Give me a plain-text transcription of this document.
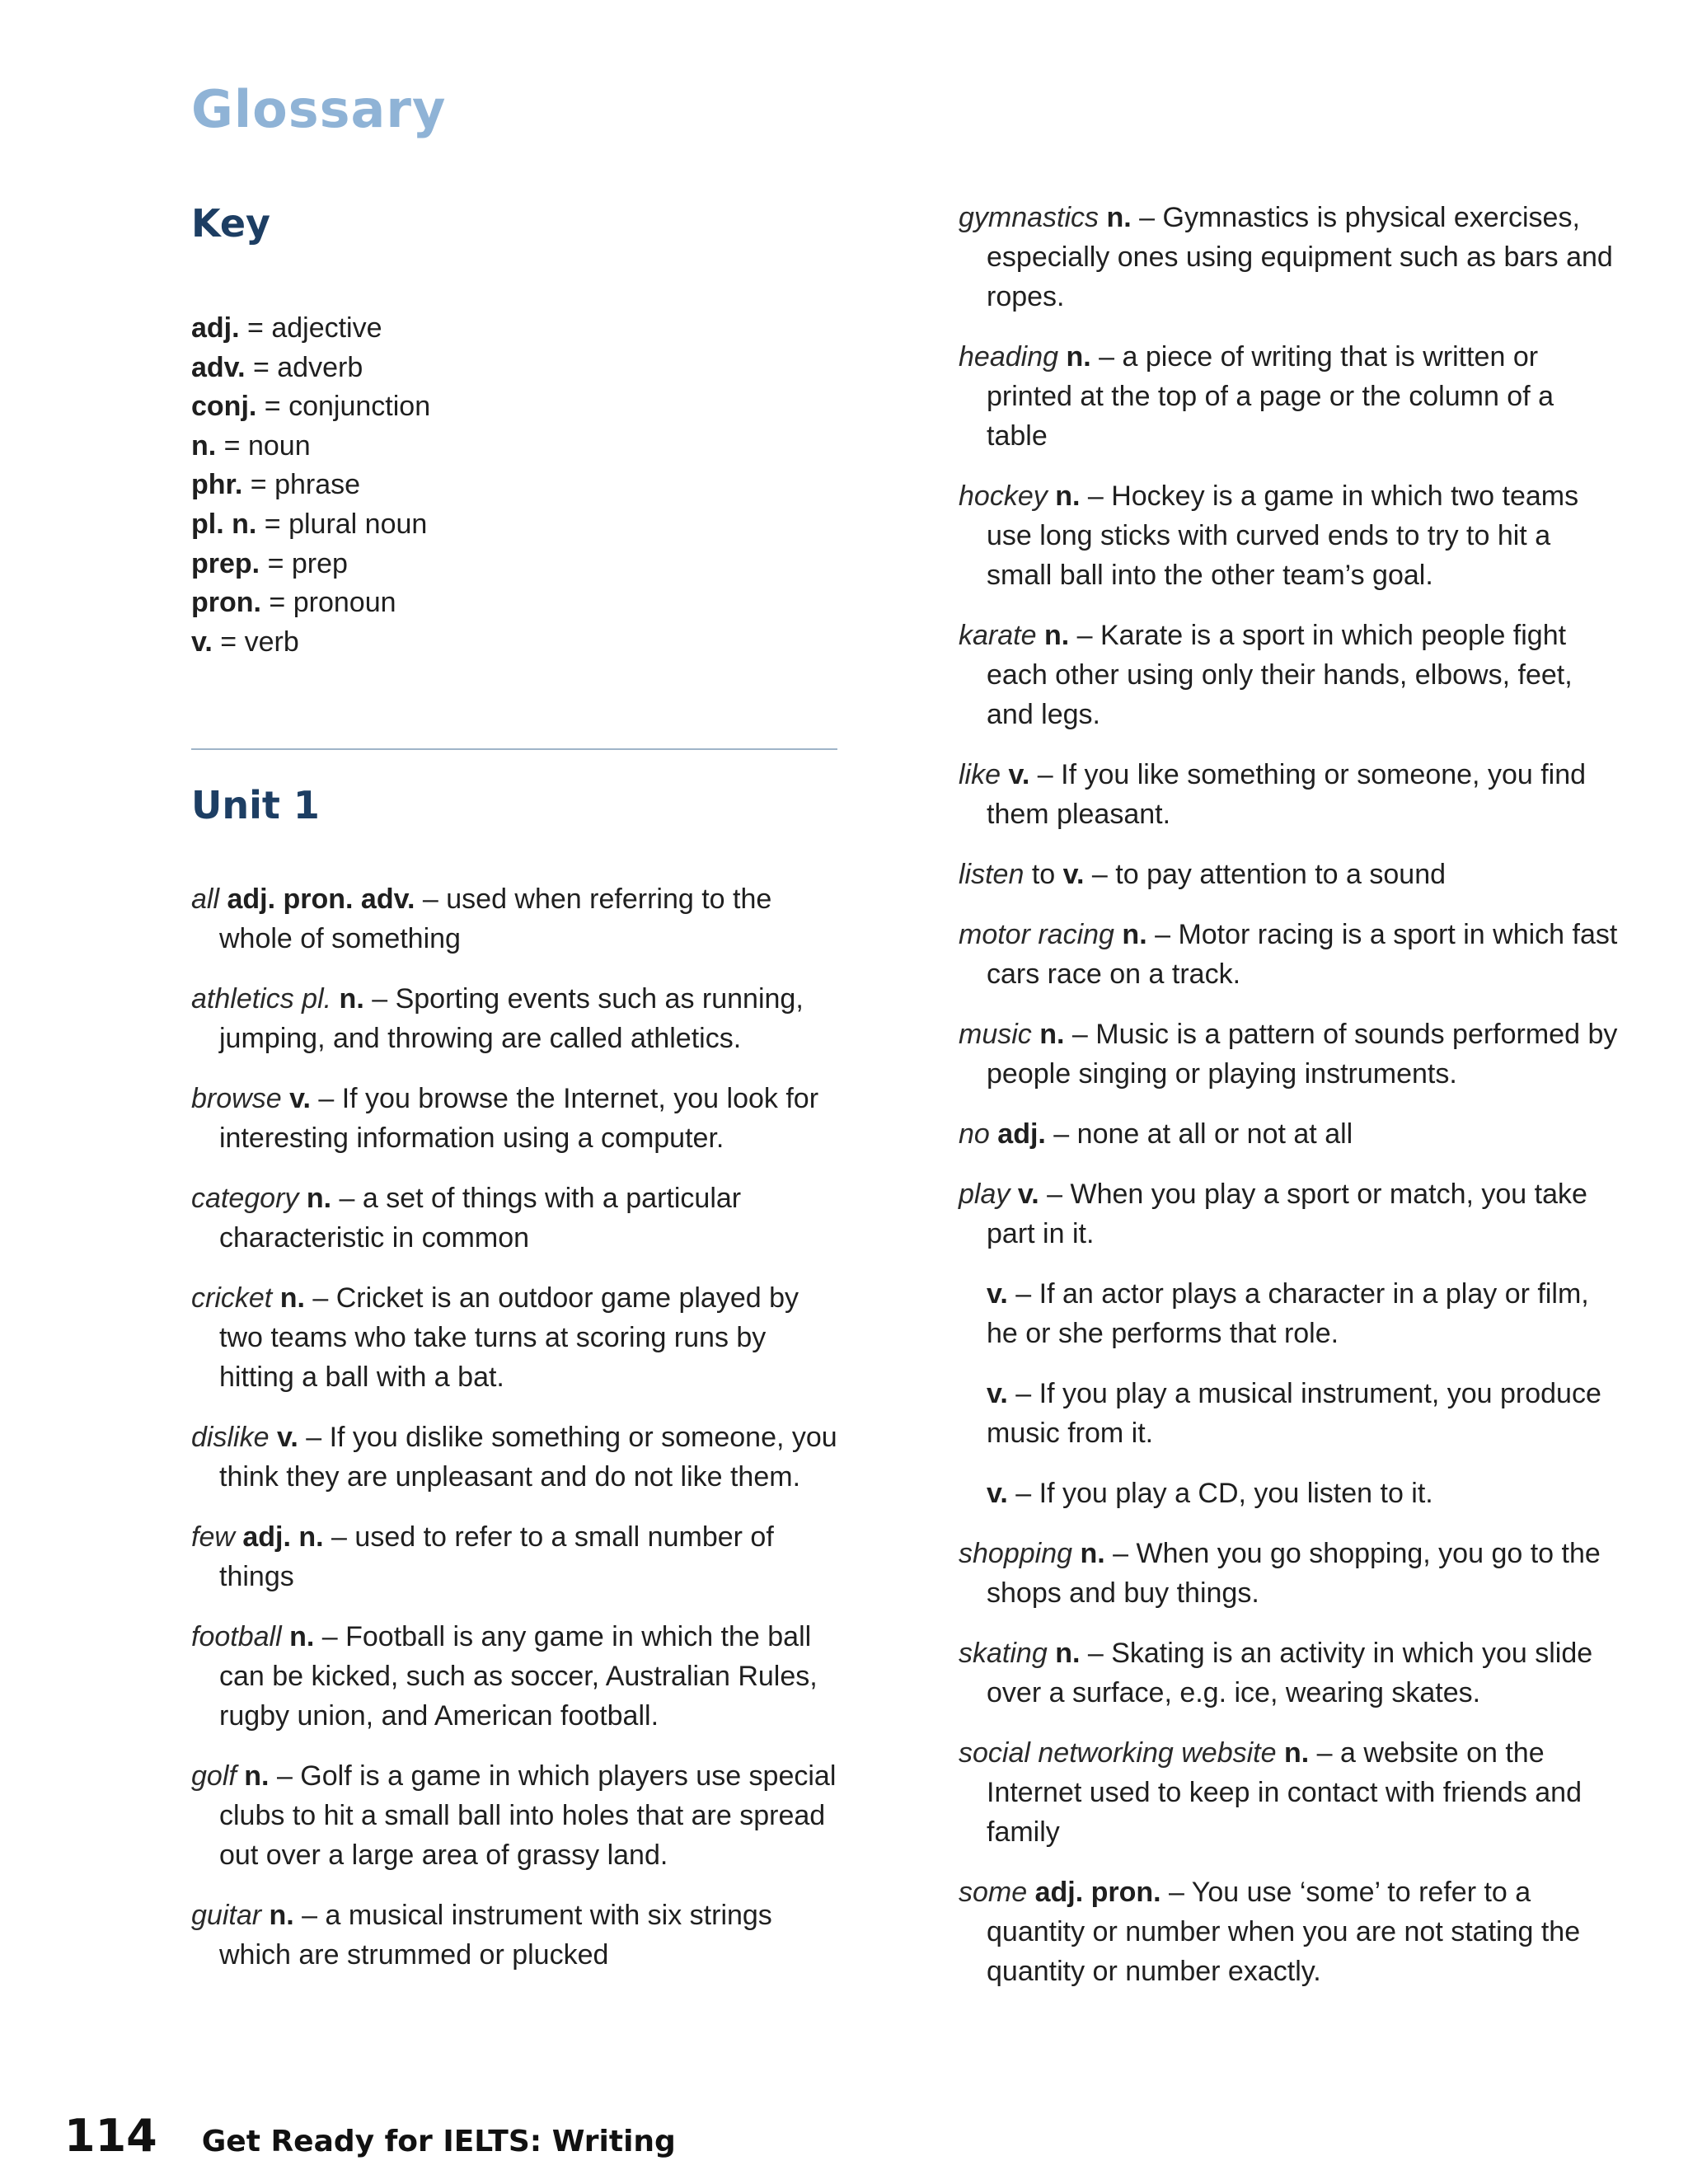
Glossary
Key
adj. = adjective
adv. = adverb
conj. = conjunction
n. = noun
phr. = phrase
pl. n. = plural noun
prep. = prep
pron. = pronoun
v. = verb
Unit 1

all adj. pron. adv. – used when referring to the whole of something

athletics pl. n. – Sporting events such as running, jumping, and throwing are called athletics.

browse v. – If you browse the Internet, you look for interesting information using a computer.

category n. – a set of things with a particular characteristic in common

cricket n. – Cricket is an outdoor game played by two teams who take turns at scoring runs by hitting a ball with a bat.

dislike v. – If you dislike something or someone, you think they are unpleasant and do not like them.

few adj. n. – used to refer to a small number of things

football n. – Football is any game in which the ball can be kicked, such as soccer, Australian Rules, rugby union, and American football.

golf n. – Golf is a game in which players use special clubs to hit a small ball into holes that are spread out over a large area of grassy land.

guitar n. – a musical instrument with six strings which are strummed or plucked

gymnastics n. – Gymnastics is physical exercises, especially ones using equipment such as bars and ropes.

heading n. – a piece of writing that is written or printed at the top of a page or the column of a table

hockey n. – Hockey is a game in which two teams use long sticks with curved ends to try to hit a small ball into the other team’s goal.

karate n. – Karate is a sport in which people fight each other using only their hands, elbows, feet, and legs.

like v. – If you like something or someone, you find them pleasant.

listen to v. – to pay attention to a sound

motor racing n. – Motor racing is a sport in which fast cars race on a track.

music n. – Music is a pattern of sounds performed by people singing or playing instruments.

no adj. – none at all or not at all

play v. – When you play a sport or match, you take part in it.

v. – If an actor plays a character in a play or film, he or she performs that role.

v. – If you play a musical instrument, you produce music from it.

v. – If you play a CD, you listen to it.

shopping n. – When you go shopping, you go to the shops and buy things.

skating n. – Skating is an activity in which you slide over a surface, e.g. ice, wearing skates.

social networking website n. – a website on the Internet used to keep in contact with friends and family

some adj. pron. – You use ‘some’ to refer to a quantity or number when you are not stating the quantity or number exactly.

114 Get Ready for IELTS: Writing
